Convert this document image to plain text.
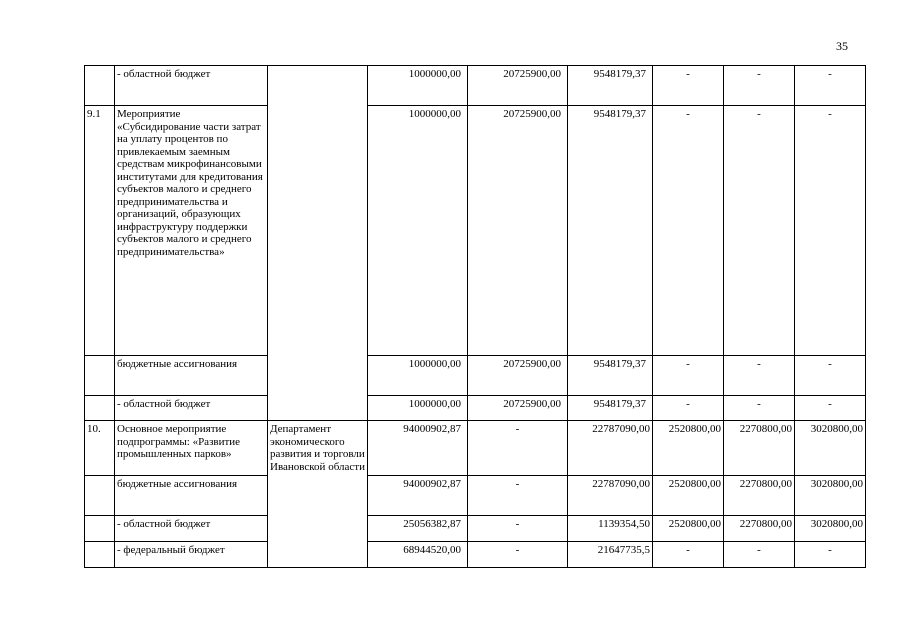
35
	- областной бюджет		1000000,00	20725900,00	9548179,37	-	-	-
9.1	Мероприятие «Субсидирование части затрат на уплату процентов по привлекаемым заемным средствам микрофинансовыми институтами для кредитования субъектов малого и среднего предпринимательства и организаций, образующих инфраструктуру поддержки субъектов малого и среднего предпринимательства»		1000000,00	20725900,00	9548179,37	-	-	-
	бюджетные ассигнования		1000000,00	20725900,00	9548179,37	-	-	-
	- областной бюджет		1000000,00	20725900,00	9548179,37	-	-	-
10.	Основное мероприятие подпрограммы: «Развитие промышленных парков»	Департамент экономического развития и торговли Ивановской области	94000902,87	-	22787090,00	2520800,00	2270800,00	3020800,00
	бюджетные ассигнования		94000902,87	-	22787090,00	2520800,00	2270800,00	3020800,00
	- областной бюджет		25056382,87	-	1139354,50	2520800,00	2270800,00	3020800,00
	- федеральный бюджет		68944520,00	-	21647735,5	-	-	-
